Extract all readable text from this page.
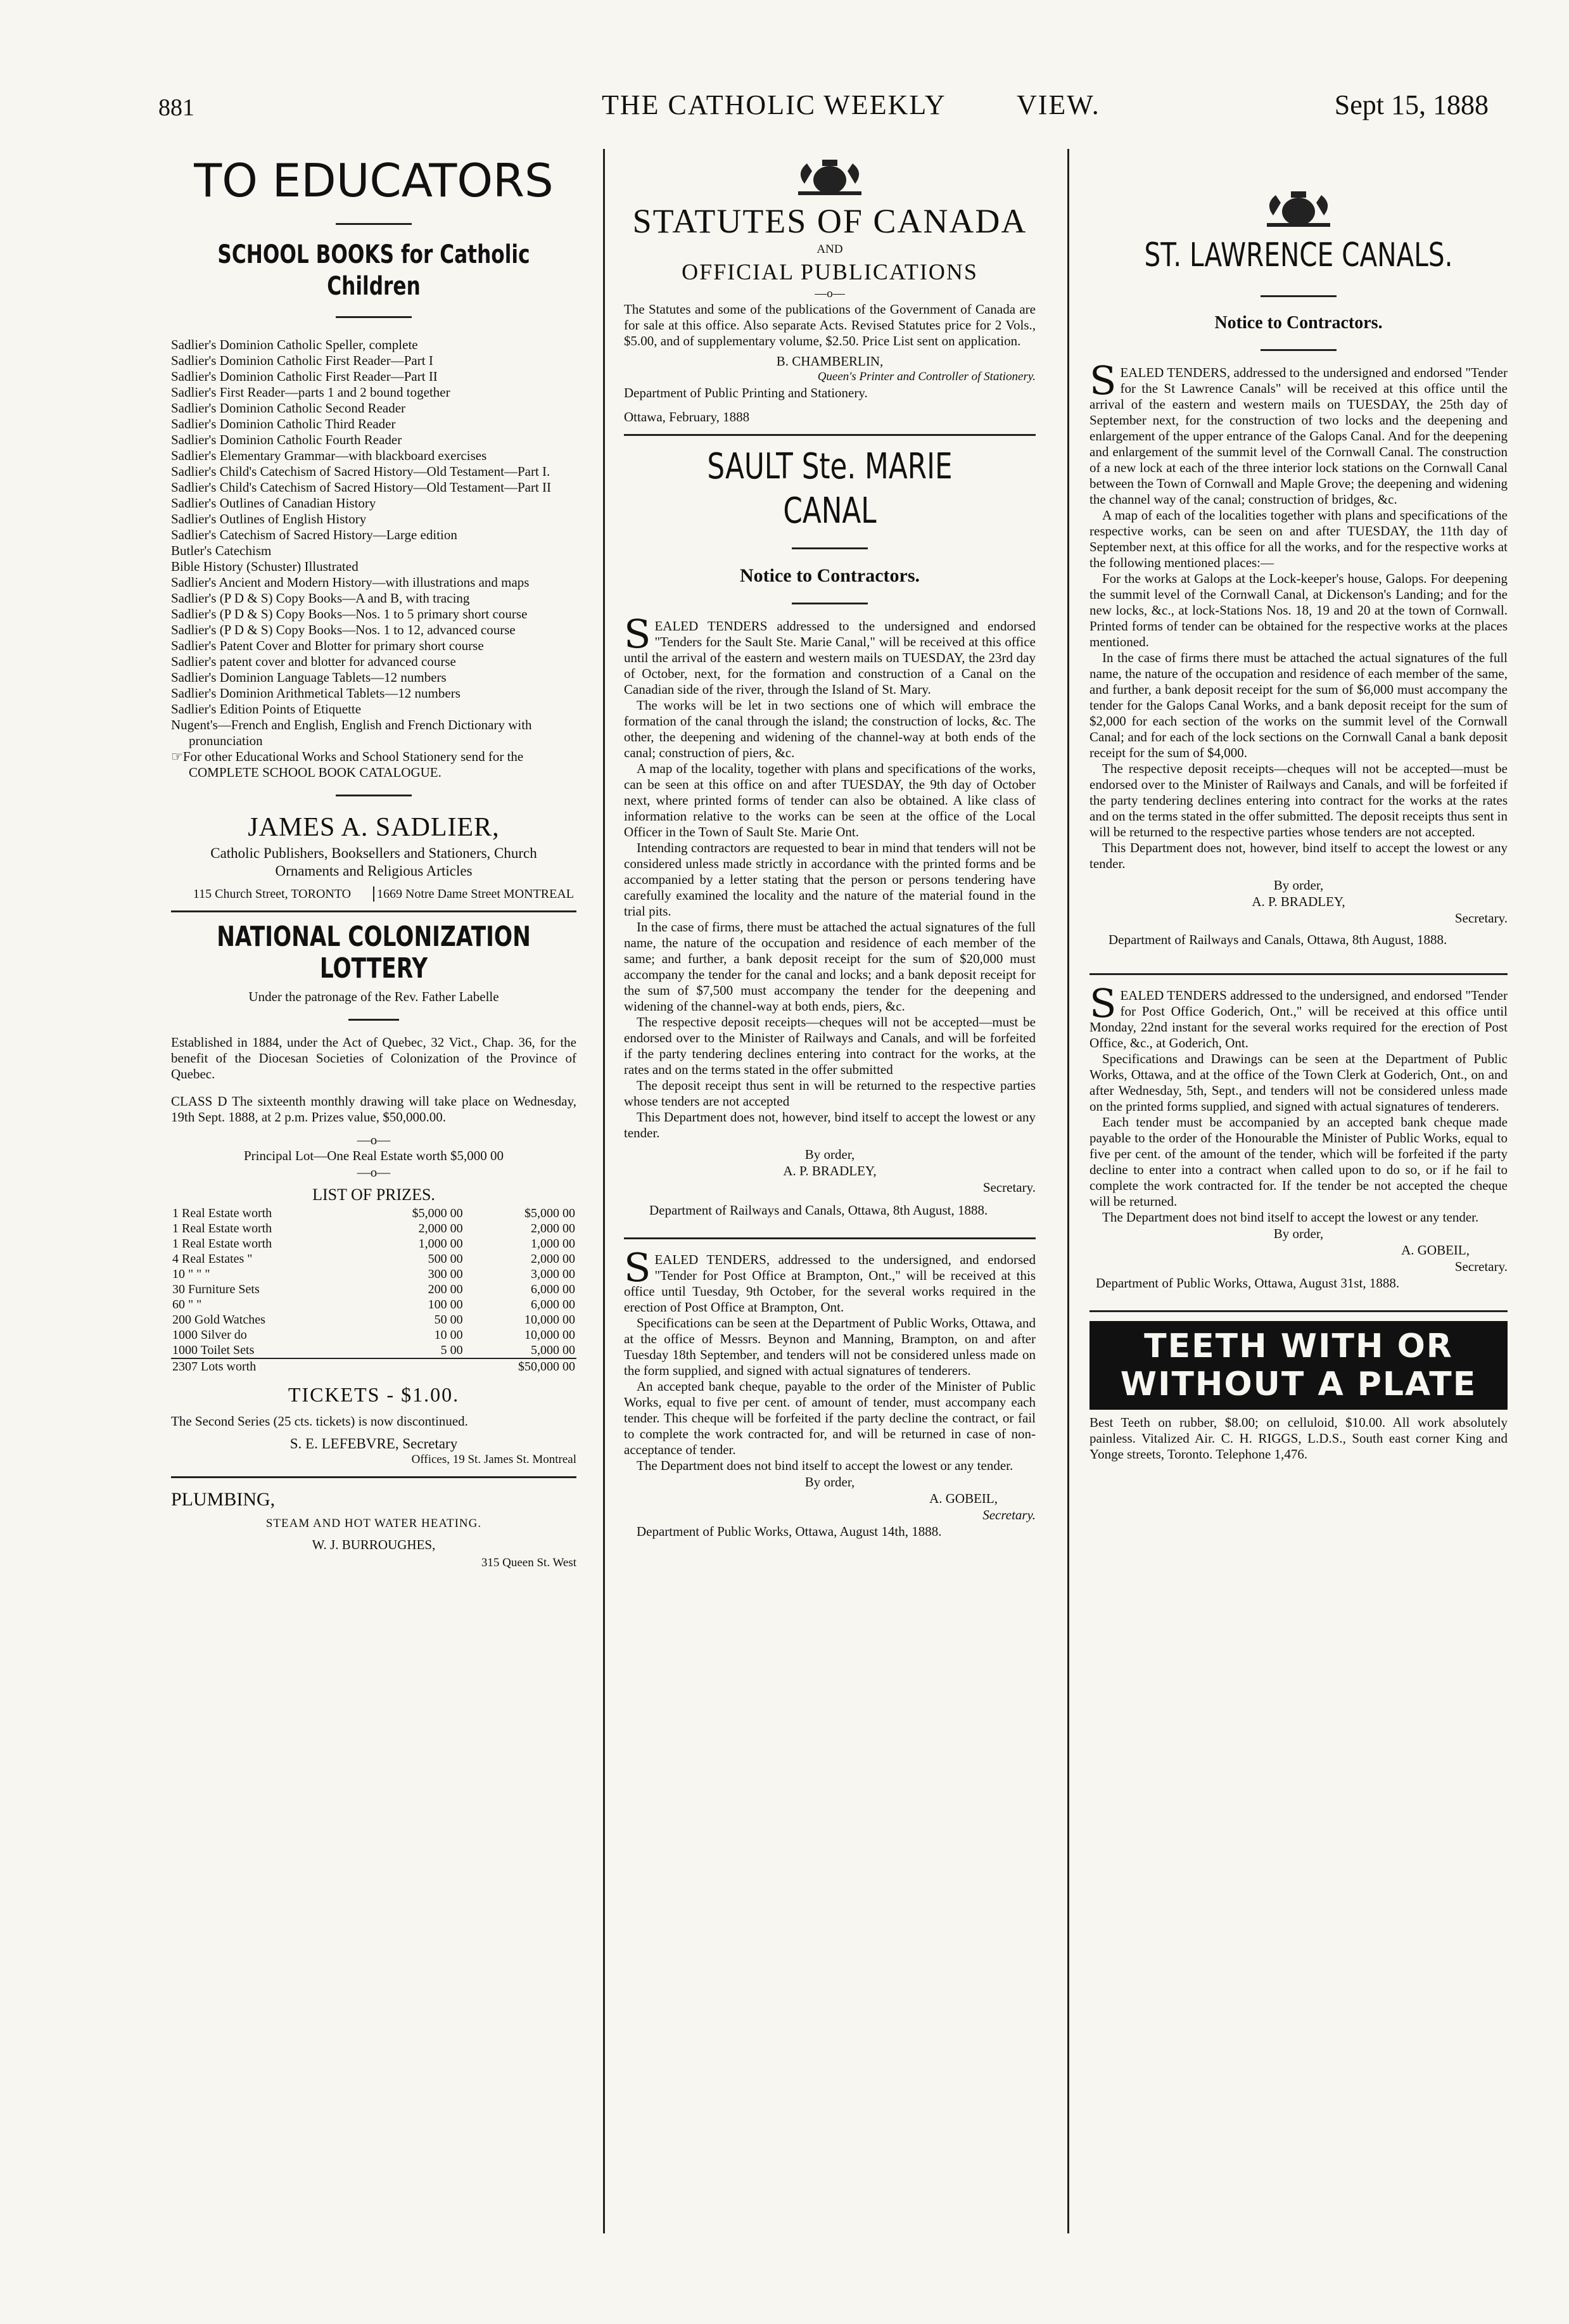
881	THE CATHOLIC WEEKLY	VIEW.	Sept 15, 1888
TO EDUCATORS
SCHOOL BOOKS for Catholic Children

Sadlier's Dominion Catholic Speller, complete

Sadlier's Dominion Catholic First Reader—Part I

Sadlier's Dominion Catholic First Reader—Part II

Sadlier's First Reader—parts 1 and 2 bound together

Sadlier's Dominion Catholic Second Reader

Sadlier's Dominion Catholic Third Reader

Sadlier's Dominion Catholic Fourth Reader

Sadlier's Elementary Grammar—with blackboard exercises

Sadlier's Child's Catechism of Sacred History—Old Testament—Part I.

Sadlier's Child's Catechism of Sacred History—Old Testament—Part II

Sadlier's Outlines of Canadian History

Sadlier's Outlines of English History

Sadlier's Catechism of Sacred History—Large edition

Butler's Catechism

Bible History (Schuster) Illustrated

Sadlier's Ancient and Modern History—with illustrations and maps

Sadlier's (P D & S) Copy Books—A and B, with tracing

Sadlier's (P D & S) Copy Books—Nos. 1 to 5 primary short course

Sadlier's (P D & S) Copy Books—Nos. 1 to 12, advanced course

Sadlier's Patent Cover and Blotter for primary short course

Sadlier's patent cover and blotter for advanced course

Sadlier's Dominion Language Tablets—12 numbers

Sadlier's Dominion Arithmetical Tablets—12 numbers

Sadlier's Edition Points of Etiquette

Nugent's—French and English, English and French Dictionary with pronunciation

☞For other Educational Works and School Stationery send for the COMPLETE SCHOOL BOOK CATALOGUE.

JAMES A. SADLIER,
Catholic Publishers, Booksellers and Stationers, Church Ornaments and Religious Articles
115 Church Street, TORONTO	1669 Notre Dame Street MONTREAL
NATIONAL COLONIZATION
LOTTERY
Under the patronage of the Rev. Father Labelle

Established in 1884, under the Act of Quebec, 32 Vict., Chap. 36, for the benefit of the Diocesan Societies of Colonization of the Province of Quebec.

CLASS D The sixteenth monthly drawing will take place on Wednesday, 19th Sept. 1888, at 2 p.m. Prizes value, $50,000.00.

—o—

Principal Lot—One Real Estate worth $5,000 00

—o—
LIST OF PRIZES.
1 Real Estate worth	$5,000 00	$5,000 00
1 Real Estate worth	2,000 00	2,000 00
1 Real Estate worth	1,000 00	1,000 00
4 Real Estates "	500 00	2,000 00
10 " " "	300 00	3,000 00
30 Furniture Sets	200 00	6,000 00
60 " "	100 00	6,000 00
200 Gold Watches	50 00	10,000 00
1000 Silver do	10 00	10,000 00
1000 Toilet Sets	5 00	5,000 00
2307 Lots worth		$50,000 00
TICKETS - $1.00.

The Second Series (25 cts. tickets) is now discontinued.

S. E. LEFEBVRE, Secretary
Offices, 19 St. James St. Montreal
PLUMBING,
STEAM AND HOT WATER HEATING.
W. J. BURROUGHES,
315 Queen St. West
STATUTES OF CANADA
AND
OFFICIAL PUBLICATIONS
—o—

The Statutes and some of the publications of the Government of Canada are for sale at this office. Also separate Acts. Revised Statutes price for 2 Vols., $5.00, and of supplementary volume, $2.50. Price List sent on application.

B. CHAMBERLIN,
Queen's Printer and Controller of Stationery.
Department of Public Printing and Stationery.
Ottawa, February, 1888
SAULT Ste. MARIE CANAL
Notice to Contractors.

SEALED TENDERS addressed to the undersigned and endorsed "Tenders for the Sault Ste. Marie Canal," will be received at this office until the arrival of the eastern and western mails on TUESDAY, the 23rd day of October, next, for the formation and construction of a Canal on the Canadian side of the river, through the Island of St. Mary.

The works will be let in two sections one of which will embrace the formation of the canal through the island; the construction of locks, &c. The other, the deepening and widening of the channel-way at both ends of the canal; construction of piers, &c.

A map of the locality, together with plans and specifications of the works, can be seen at this office on and after TUESDAY, the 9th day of October next, where printed forms of tender can also be obtained. A like class of information relative to the works can be seen at the office of the Local Officer in the Town of Sault Ste. Marie Ont.

Intending contractors are requested to bear in mind that tenders will not be considered unless made strictly in accordance with the printed forms and be accompanied by a letter stating that the person or persons tendering have carefully examined the locality and the nature of the material found in the trial pits.

In the case of firms, there must be attached the actual signatures of the full name, the nature of the occupation and residence of each member of the same; and further, a bank deposit receipt for the sum of $20,000 must accompany the tender for the canal and locks; and a bank deposit receipt for the sum of $7,500 must accompany the tender for the deepening and widening of the channel-way at both ends, piers, &c.

The respective deposit receipts—cheques will not be accepted—must be endorsed over to the Minister of Railways and Canals, and will be forfeited if the party tendering declines entering into contract for the works, at the rates and on the terms stated in the offer submitted

The deposit receipt thus sent in will be returned to the respective parties whose tenders are not accepted

This Department does not, however, bind itself to accept the lowest or any tender.

By order,
A. P. BRADLEY,
Secretary.
Department of Railways and Canals, Ottawa, 8th August, 1888.

SEALED TENDERS, addressed to the undersigned, and endorsed "Tender for Post Office at Brampton, Ont.," will be received at this office until Tuesday, 9th October, for the several works required in the erection of Post Office at Brampton, Ont.

Specifications can be seen at the Department of Public Works, Ottawa, and at the office of Messrs. Beynon and Manning, Brampton, on and after Tuesday 18th September, and tenders will not be considered unless made on the form supplied, and signed with actual signatures of tenderers.

An accepted bank cheque, payable to the order of the Minister of Public Works, equal to five per cent. of amount of tender, must accompany each tender. This cheque will be forfeited if the party decline the contract, or fail to complete the work contracted for, and will be returned in case of non-acceptance of tender.

The Department does not bind itself to accept the lowest or any tender.

By order,
A. GOBEIL,
Secretary.
Department of Public Works, Ottawa, August 14th, 1888.
ST. LAWRENCE CANALS.
Notice to Contractors.

SEALED TENDERS, addressed to the undersigned and endorsed "Tender for the St Lawrence Canals" will be received at this office until the arrival of the eastern and western mails on TUESDAY, the 25th day of September next, for the construction of two locks and the deepening and enlargement of the upper entrance of the Galops Canal. And for the deepening and enlargement of the summit level of the Cornwall Canal. The construction of a new lock at each of the three interior lock stations on the Cornwall Canal between the Town of Cornwall and Maple Grove; the deepening and widening the channel way of the canal; construction of bridges, &c.

A map of each of the localities together with plans and specifications of the respective works, can be seen on and after TUESDAY, the 11th day of September next, at this office for all the works, and for the respective works at the following mentioned places:—

For the works at Galops at the Lock-keeper's house, Galops. For deepening the summit level of the Cornwall Canal, at Dickenson's Landing; and for the new locks, &c., at lock-Stations Nos. 18, 19 and 20 at the town of Cornwall. Printed forms of tender can be obtained for the respective works at the places mentioned.

In the case of firms there must be attached the actual signatures of the full name, the nature of the occupation and residence of each member of the same, and further, a bank deposit receipt for the sum of $6,000 must accompany the tender for the Galops Canal Works, and a bank deposit receipt for the sum of $2,000 for each section of the works on the summit level of the Cornwall Canal; and for each of the lock sections on the Cornwall Canal a bank deposit receipt for the sum of $4,000.

The respective deposit receipts—cheques will not be accepted—must be endorsed over to the Minister of Railways and Canals, and will be forfeited if the party tendering declines entering into contract for the works at the rates and on the terms stated in the offer submitted. The deposit receipts thus sent in will be returned to the respective parties whose tenders are not accepted.

This Department does not, however, bind itself to accept the lowest or any tender.

By order,
A. P. BRADLEY,
Secretary.
Department of Railways and Canals, Ottawa, 8th August, 1888.

SEALED TENDERS addressed to the undersigned, and endorsed "Tender for Post Office Goderich, Ont.," will be received at this office until Monday, 22nd instant for the several works required for the erection of Post Office, &c., at Goderich, Ont.

Specifications and Drawings can be seen at the Department of Public Works, Ottawa, and at the office of the Town Clerk at Goderich, Ont., on and after Wednesday, 5th, Sept., and tenders will not be considered unless made on the printed forms supplied, and signed with actual signatures of tenderers.

Each tender must be accompanied by an accepted bank cheque made payable to the order of the Honourable the Minister of Public Works, equal to five per cent. of the amount of the tender, which will be forfeited if the party decline to enter into a contract when called upon to do so, or if he fail to complete the work contracted for. If the tender be not accepted the cheque will be returned.

The Department does not bind itself to accept the lowest or any tender.

By order,
A. GOBEIL,
Secretary.
Department of Public Works, Ottawa, August 31st, 1888.
TEETH WITH OR
WITHOUT A PLATE

Best Teeth on rubber, $8.00; on celluloid, $10.00. All work absolutely painless. Vitalized Air. C. H. RIGGS, L.D.S., South east corner King and Yonge streets, Toronto. Telephone 1,476.
